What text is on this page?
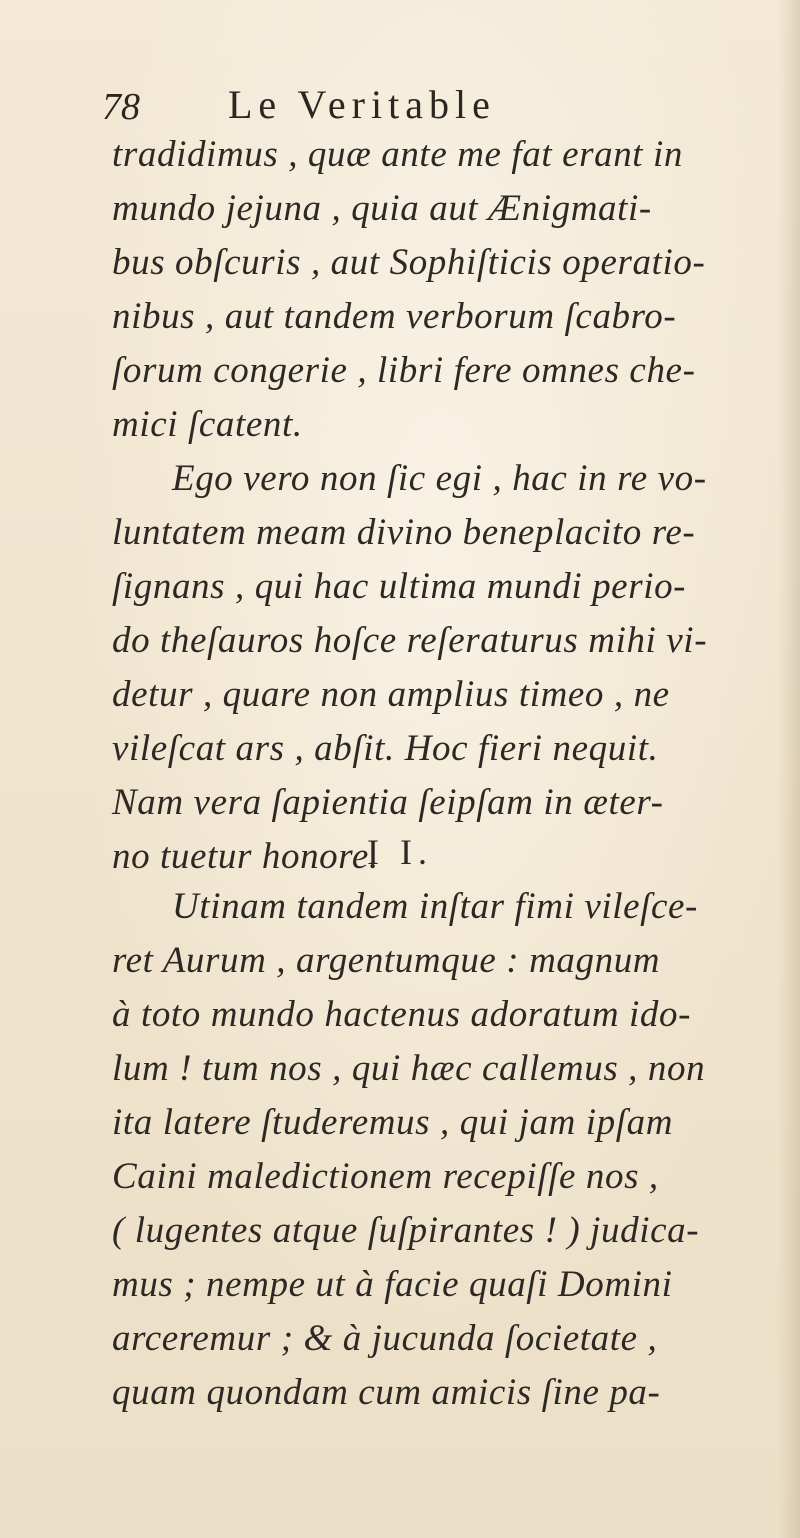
78 Le Veritable
tradidimus , quæ ante me fat erant in
mundo jejuna , quia aut Ænigmati-
bus obſcuris , aut Sophiſticis operatio-
nibus , aut tandem verborum ſcabro-
ſorum congerie , libri fere omnes che-
mici ſcatent.
Ego vero non ſic egi , hac in re vo-
luntatem meam divino beneplacito re-
ſignans , qui hac ultima mundi perio-
do theſauros hoſce reſeraturus mihi vi-
detur , quare non amplius timeo , ne
vileſcat ars , abſit. Hoc fieri nequit.
Nam vera ſapientia ſeipſam in æter-
no tuetur honore.
I I.
Utinam tandem inſtar fimi vileſce-
ret Aurum , argentumque : magnum
à toto mundo hactenus adoratum ido-
lum ! tum nos , qui hæc callemus , non
ita latere ſtuderemus , qui jam ipſam
Caini maledictionem recepiſſe nos ,
( lugentes atque ſuſpirantes ! ) judica-
mus ; nempe ut à facie quaſi Domini
arceremur ; & à jucunda ſocietate ,
quam quondam cum amicis ſine pa-
